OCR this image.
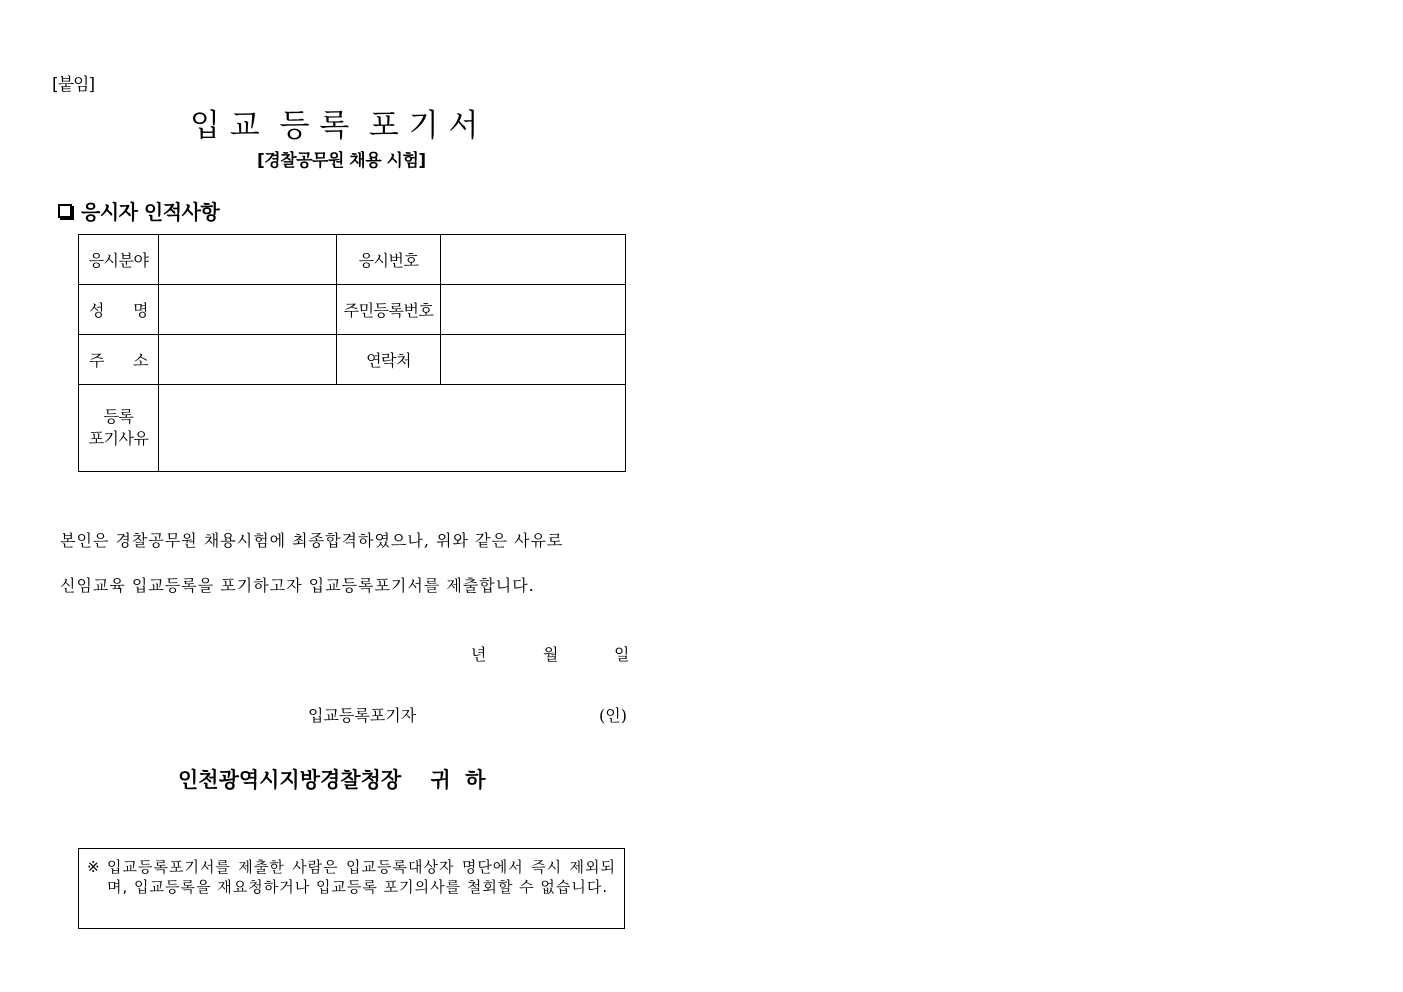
[붙임]
입 교  등 록  포 기 서
[경찰공무원 채용 시험]
응시자 인적사항
응시분야		응시번호	

성 명		주민등록번호	

주 소		연락처	

등록
포기사유			

본인은 경찰공무원 채용시험에 최종합격하였으나, 위와 같은 사유로
신임교육 입교등록을 포기하고자 입교등록포기서를 제출합니다.
년	월	일
입교등록포기자	(인)
인천광역시지방경찰청장    귀  하
※ 입교등록포기서를 제출한 사람은 입교등록대상자 명단에서 즉시 제외되며, 입교등록을 재요청하거나 입교등록 포기의사를 철회할 수 없습니다.
